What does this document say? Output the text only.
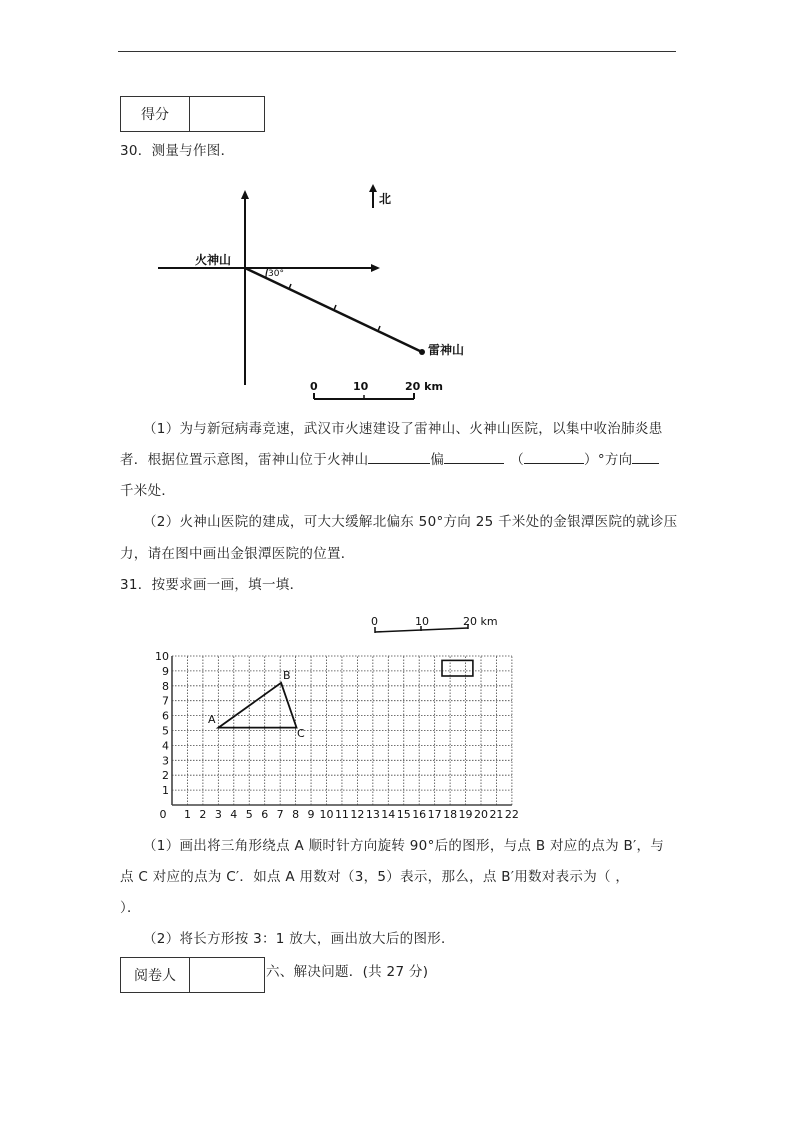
得分
30．测量与作图．
北
火神山
30°
雷神山
0	10	20 km
（1）为与新冠病毒竞速，武汉市火速建设了雷神山、火神山医院，以集中收治肺炎患
者．根据位置示意图，雷神山位于火神山	偏	（	）°方向
千米处．
（2）火神山医院的建成，可大大缓解北偏东 50°方向 25 千米处的金银潭医院的就诊压
力，请在图中画出金银潭医院的位置．
31．按要求画一画，填一填．
0	10	20 km
0 1 2 3 4 5 6 7 8 9 10 11 12 13 14 15 16 17 18 19 20 21 22
1
2
3
4
5
6
7
8
9
10
A
B
C
（1）画出将三角形绕点 A 顺时针方向旋转 90°后的图形，与点 B 对应的点为 B′，与
点 C 对应的点为 C′．如点 A 用数对（3，5）表示，那么，点 B′用数对表示为（ ，
）．
（2）将长方形按 3：1 放大，画出放大后的图形．
阅卷人	六、解决问题．(共 27 分)
